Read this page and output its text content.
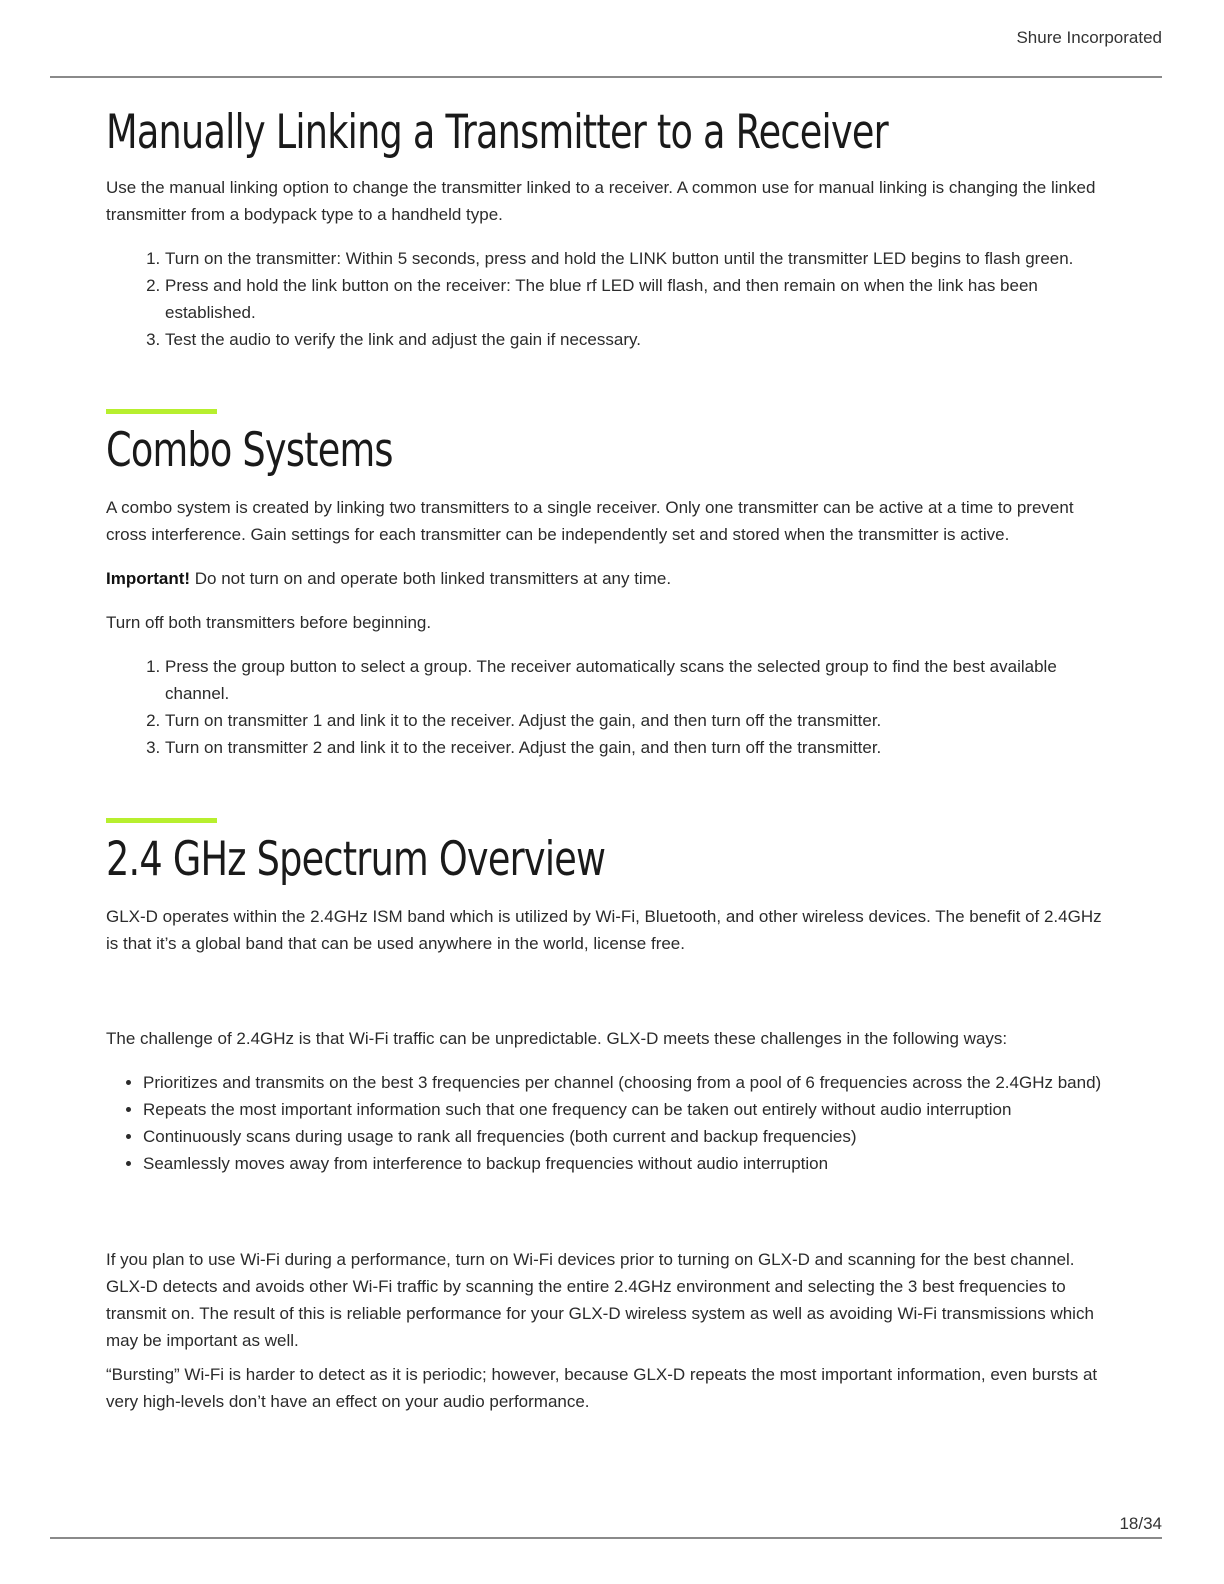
Shure Incorporated
Manually Linking a Transmitter to a Receiver

Use the manual linking option to change the transmitter linked to a receiver. A common use for manual linking is changing the linked transmitter from a bodypack type to a handheld type.

1. Turn on the transmitter: Within 5 seconds, press and hold the LINK button until the transmitter LED begins to flash green.
2. Press and hold the link button on the receiver: The blue rf LED will flash, and then remain on when the link has been established.
3. Test the audio to verify the link and adjust the gain if necessary.
Combo Systems

A combo system is created by linking two transmitters to a single receiver. Only one transmitter can be active at a time to prevent cross interference. Gain settings for each transmitter can be independently set and stored when the transmitter is active.

Important! Do not turn on and operate both linked transmitters at any time.

Turn off both transmitters before beginning.

1. Press the group button to select a group. The receiver automatically scans the selected group to find the best available channel.
2. Turn on transmitter 1 and link it to the receiver. Adjust the gain, and then turn off the transmitter.
3. Turn on transmitter 2 and link it to the receiver. Adjust the gain, and then turn off the transmitter.
2.4 GHz Spectrum Overview

GLX-D operates within the 2.4GHz ISM band which is utilized by Wi-Fi, Bluetooth, and other wireless devices. The benefit of 2.4GHz is that it’s a global band that can be used anywhere in the world, license free.

The challenge of 2.4GHz is that Wi-Fi traffic can be unpredictable. GLX-D meets these challenges in the following ways:

• Prioritizes and transmits on the best 3 frequencies per channel (choosing from a pool of 6 frequencies across the 2.4GHz band)
• Repeats the most important information such that one frequency can be taken out entirely without audio interruption
• Continuously scans during usage to rank all frequencies (both current and backup frequencies)
• Seamlessly moves away from interference to backup frequencies without audio interruption

If you plan to use Wi-Fi during a performance, turn on Wi-Fi devices prior to turning on GLX-D and scanning for the best channel. GLX-D detects and avoids other Wi-Fi traffic by scanning the entire 2.4GHz environment and selecting the 3 best frequencies to transmit on. The result of this is reliable performance for your GLX-D wireless system as well as avoiding Wi-Fi transmissions which may be important as well.

“Bursting” Wi-Fi is harder to detect as it is periodic; however, because GLX-D repeats the most important information, even bursts at very high-levels don’t have an effect on your audio performance.

18/34
